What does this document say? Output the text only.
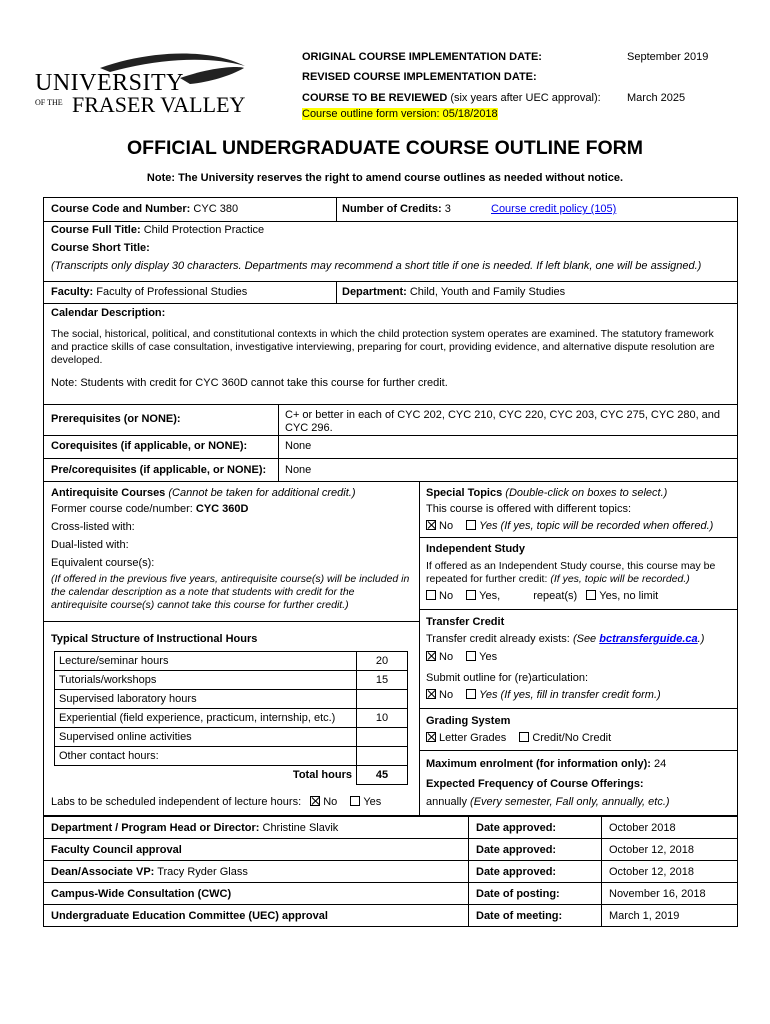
UNIVERSITY
OF THE FRASER VALLEY
ORIGINAL COURSE IMPLEMENTATION DATE:	September 2019
REVISED COURSE IMPLEMENTATION DATE:
COURSE TO BE REVIEWED (six years after UEC approval): March 2025
Course outline form version: 05/18/2018
OFFICIAL UNDERGRADUATE COURSE OUTLINE FORM
Note: The University reserves the right to amend course outlines as needed without notice.
Course Code and Number: CYC 380	Number of Credits: 3	Course credit policy (105)
Course Full Title: Child Protection Practice
Course Short Title:
(Transcripts only display 30 characters. Departments may recommend a short title if one is needed. If left blank, one will be assigned.)
Faculty: Faculty of Professional Studies	Department: Child, Youth and Family Studies
Calendar Description:
The social, historical, political, and constitutional contexts in which the child protection system operates are examined. The statutory framework and practice skills of case consultation, investigative interviewing, preparing for court, providing evidence, and alternative dispute resolution are developed.
Note: Students with credit for CYC 360D cannot take this course for further credit.
Prerequisites (or NONE):	C+ or better in each of CYC 202, CYC 210, CYC 220, CYC 203, CYC 275, CYC 280, and CYC 296.
Corequisites (if applicable, or NONE):	None
Pre/corequisites (if applicable, or NONE): None
Antirequisite Courses (Cannot be taken for additional credit.)
Former course code/number: CYC 360D
Cross-listed with:
Dual-listed with:
Equivalent course(s):
(If offered in the previous five years, antirequisite course(s) will be included in the calendar description as a note that students with credit for the antirequisite course(s) cannot take this course for further credit.)
Typical Structure of Instructional Hours
Lecture/seminar hours	20
Tutorials/workshops	15
Supervised laboratory hours	
Experiential (field experience, practicum, internship, etc.)	10
Supervised online activities	
Other contact hours:	
Total hours	45
Labs to be scheduled independent of lecture hours: No Yes
Special Topics (Double-click on boxes to select.)
This course is offered with different topics:
No Yes (If yes, topic will be recorded when offered.)
Independent Study
If offered as an Independent Study course, this course may be repeated for further credit: (If yes, topic will be recorded.)
No Yes,	repeat(s) Yes, no limit
Transfer Credit
Transfer credit already exists: (See bctransferguide.ca.)
No Yes
Submit outline for (re)articulation:
No Yes (If yes, fill in transfer credit form.)
Grading System
Letter Grades Credit/No Credit
Maximum enrolment (for information only): 24
Expected Frequency of Course Offerings:
annually (Every semester, Fall only, annually, etc.)
Department / Program Head or Director: Christine Slavik	Date approved:	October 2018
Faculty Council approval	Date approved:	October 12, 2018
Dean/Associate VP: Tracy Ryder Glass	Date approved:	October 12, 2018
Campus-Wide Consultation (CWC)	Date of posting:	November 16, 2018
Undergraduate Education Committee (UEC) approval	Date of meeting:	March 1, 2019
